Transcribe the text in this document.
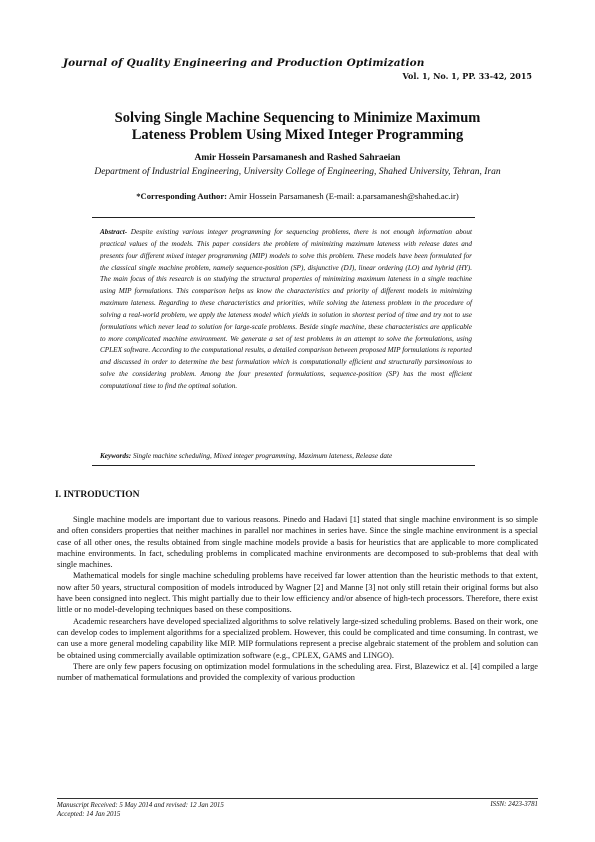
Journal of Quality Engineering and Production Optimization
Vol. 1, No. 1, PP. 33-42, 2015
Solving Single Machine Sequencing to Minimize Maximum
Lateness Problem Using Mixed Integer Programming
Amir Hossein Parsamanesh and Rashed Sahraeian
Department of Industrial Engineering, University College of Engineering, Shahed University, Tehran, Iran
*Corresponding Author: Amir Hossein Parsamanesh (E-mail: a.parsamanesh@shahed.ac.ir)
Abstract- Despite existing various integer programming for sequencing problems, there is not enough information about practical values of the models. This paper considers the problem of minimizing maximum lateness with release dates and presents four different mixed integer programming (MIP) models to solve this problem. These models have been formulated for the classical single machine problem, namely sequence-position (SP), disjunctive (DJ), linear ordering (LO) and hybrid (HY). The main focus of this research is on studying the structural properties of minimizing maximum lateness in a single machine using MIP formulations. This comparison helps us know the characteristics and priority of different models in minimizing maximum lateness. Regarding to these characteristics and priorities, while solving the lateness problem in the procedure of solving a real-world problem, we apply the lateness model which yields in solution in shortest period of time and try not to use formulations which never lead to solution for large-scale problems. Beside single machine, these characteristics are applicable to more complicated machine environment. We generate a set of test problems in an attempt to solve the formulations, using CPLEX software. According to the computational results, a detailed comparison between proposed MIP formulations is reported and discussed in order to determine the best formulation which is computationally efficient and structurally parsimonious to solve the considering problem. Among the four presented formulations, sequence-position (SP) has the most efficient computational time to find the optimal solution.
Keywords: Single machine scheduling, Mixed integer programming, Maximum lateness, Release date
I. INTRODUCTION

Single machine models are important due to various reasons. Pinedo and Hadavi [1] stated that single machine environment is so simple and often considers properties that neither machines in parallel nor machines in series have. Since the single machine environment is a special case of all other ones, the results obtained from single machine models provide a basis for heuristics that are applicable to more complicated machine environments. In fact, scheduling problems in complicated machine environments are decomposed to sub-problems that deal with single machines.

Mathematical models for single machine scheduling problems have received far lower attention than the heuristic methods to that extent, now after 50 years, structural composition of models introduced by Wagner [2] and Manne [3] not only still retain their original forms but also have been consigned into neglect. This might partially due to their low efficiency and/or absence of high-tech processors. Therefore, there exist little or no model-developing techniques based on these compositions.

Academic researchers have developed specialized algorithms to solve relatively large-sized scheduling problems. Based on their work, one can develop codes to implement algorithms for a specialized problem. However, this could be complicated and time consuming. In contrast, we can use a more general modeling capability like MIP. MIP formulations represent a precise algebraic statement of the problem and solution can be obtained using commercially available optimization software (e.g., CPLEX, GAMS and LINGO).

There are only few papers focusing on optimization model formulations in the scheduling area. First, Blazewicz et al. [4] compiled a large number of mathematical formulations and provided the complexity of various production

Manuscript Received: 5 May 2014 and revised: 12 Jan 2015
Accepted: 14 Jan 2015
ISSN: 2423-3781
